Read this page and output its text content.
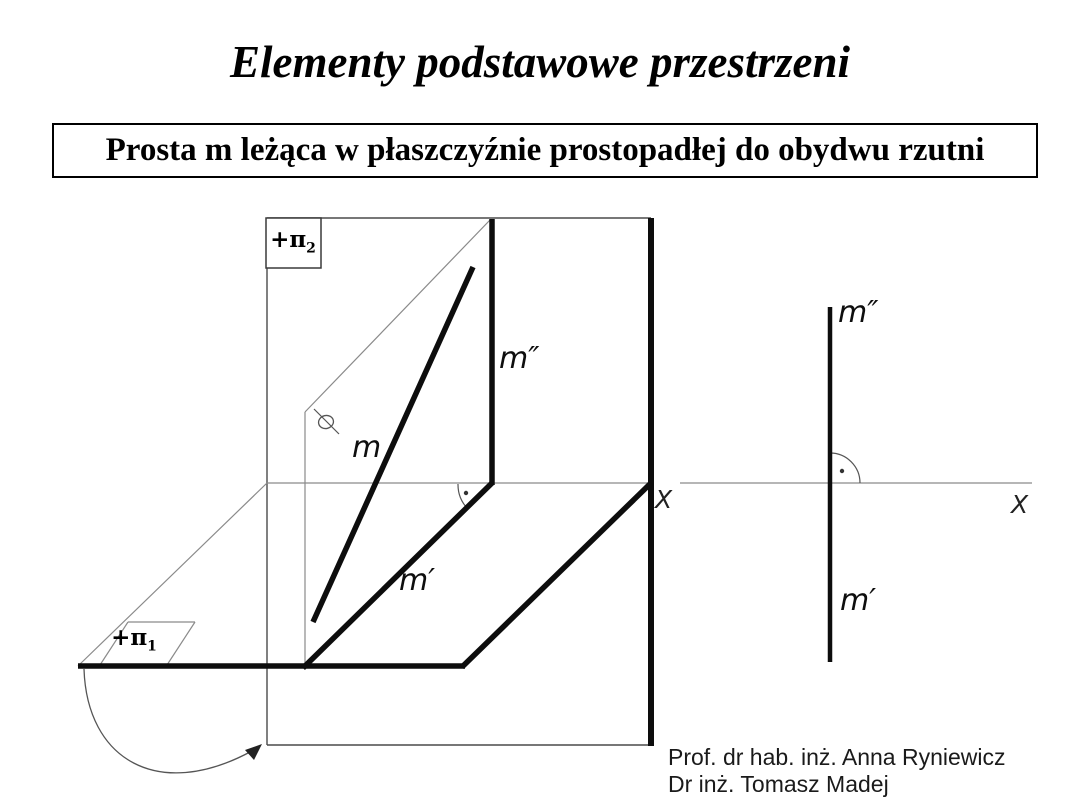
Elementy podstawowe przestrzeni
Prosta m leżąca w płaszczyźnie prostopadłej do obydwu rzutni
$+\pi_2$
$+\pi_1$
m
m″
m′
X
m″
m′
X
Prof. dr hab. inż. Anna Ryniewicz
Dr inż. Tomasz Madej
